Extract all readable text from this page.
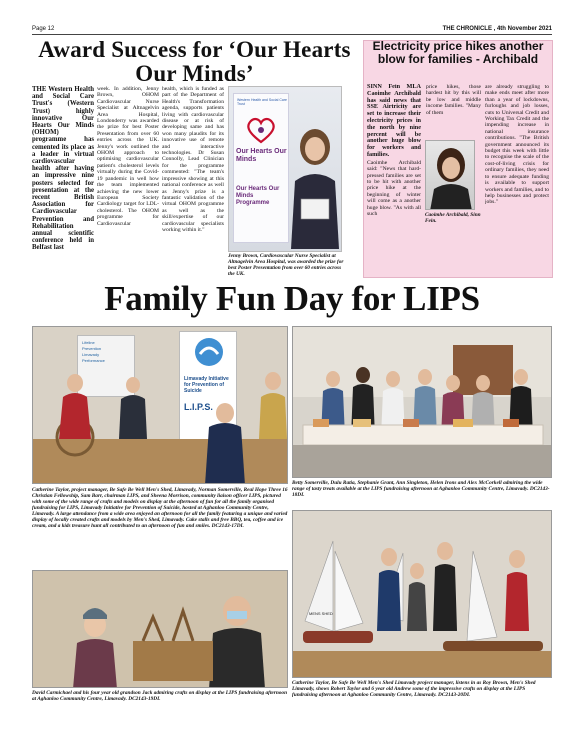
Page 12	THE CHRONICLE , 4th November 2021
Award Success for ‘Our Hearts Our Minds’

THE Western Health and Social Care Trust's (Western Trust) highly innovative Our Hearts Our Minds (OHOM) programme has cemented its place as a leader in virtual cardiovascular health after having an impressive nine posters selected for presentation at the recent British Association for Cardiovascular Prevention and Rehabilitation annual scientific conference held in Belfast last

week. In addition, Jenny Brown, OHOM Cardiovascular Nurse Specialist at Altnagelvin Area Hospital, Londonderry was awarded the prize for best Poster Presentation from over 60 entries across the UK. Jenny's work outlined the OHOM approach to optimising cardiovascular patient's cholesterol levels virtually during the Covid-19 pandemic in well how the team implemented achieving the new lower European Society Cardiology target for LDL-cholesterol. The OHOM programme for Cardiovascular

health, which is funded as part of the Department of Health's Transformation agenda, supports patients living with cardiovascular disease or at risk of developing same and has won many plaudits for its innovative use of remote and interactive technologies. Dr Susan Connolly, Lead Clinician for the programme commented: "The team's impressive showing at this national conference as well as Jenny's prize is a fantastic validation of the virtual OHOM programme as well as the skill/expertise of our cardiovascular specialists working within it."

Western Health and Social Care Trust
Our Hearts Our Minds
Our Hearts Our Minds Programme
Jenny Brown, Cardiovascular Nurse Specialist at Altnagelvin Area Hospital, was awarded the prize for best Poster Presentation from over 60 entries across the UK.
Electricity price hikes another blow for families - Archibald

SINN Fein MLA Caoimhe Archibald has said news that SSE Airtricity are set to increase their electricity prices in the north by nine percent will be another huge blow for workers and families.

Caoimhe Archibald said: "News that hard-pressed families are set to be hit with another price hike at the beginning of winter will come as a another huge blow. "As with all such

price hikes, those hardest hit by this will be low and middle income families. "Many of them

Caoimhe Archibald, Sinn Fein.

are already struggling to make ends meet after more than a year of lockdowns, furloughs and job losses, cuts to Universal Credit and Working Tax Credit and the impending increase in national insurance contributions. "The British government announced its budget this week with little to recognise the scale of the cost-of-living crisis for ordinary families, they need to ensure adequate funding is available to support workers and families, and to help businesses and protect jobs."

Family Fun Day for LIPS
Lifeline
Prevention
Limavady
Performance
Limavady Initiative for Prevention of Suicide
L.I.P.S.
Betty Somerville, Dulu Ratia, Stephanie Grant, Ann Singleton, Helen Irons and Alex McCorkell admiring the wide range of tasty treats available at the LIPS fundraising afternoon at Aghanloo Community Centre, Limavady. DC2143-18DL
Catherine Taylor, project manager, Be Safe Be Well Men's Shed, Limavady, Norman Somerville, Real Hope Three 16 Christian Fellowship, Sam Barr, chairman LIPS, and Sheena Morrison, community liaison officer LIPS, pictured with some of the wide range of crafts and models on display at the afternoon of fun for all the family organised fundraising for LIPS, Limavady Initiative for Prevention of Suicide, hosted at Aghanloo Community Centre, Limavady. A large attendance from a wide area enjoyed an afternoon for all the family featuring a unique and varied display of locally created crafts and models by Men's Shed, Limavady. Cake stalls and free BBQ, tea, coffee and ice cream, and a kids treasure hunt all contributed to an afternoon of fun and smiles. DC2143-17DL
David Carmichael and his four year old grandson Jack admiring crafts on display at the LIPS fundraising afternoon at Aghanloo Community Centre, Limavady. DC2143-19DL
MENS SHED
Catherine Taylor, Be Safe Be Well Men's Shed Limavady project manager, listens in as Roy Brown, Men's Shed Limavady, shows Robert Taylor and 6 year old Andrew some of the impressive crafts on display at the LIPS fundraising afternoon at Aghanloo Community Centre, Limavady. DC2143-20DL
